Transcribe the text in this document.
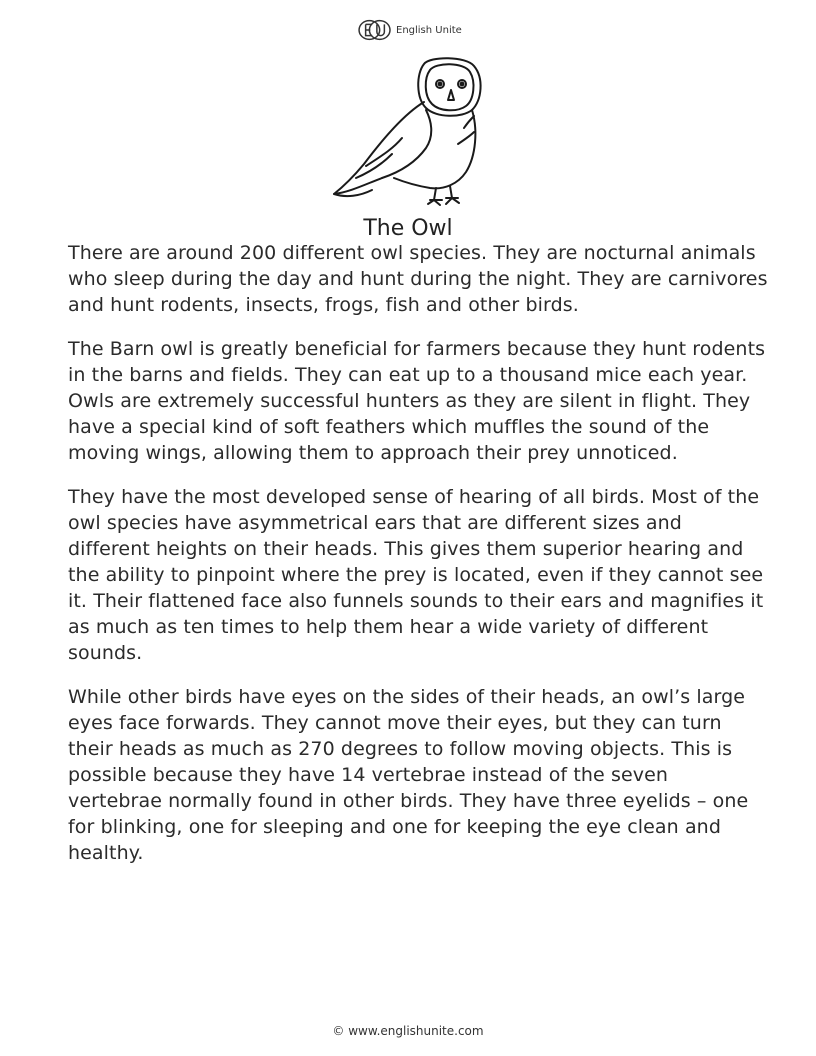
English Unite
The Owl

There are around 200 different owl species. They are nocturnal animals who sleep during the day and hunt during the night. They are carnivores and hunt rodents, insects, frogs, fish and other birds.

The Barn owl is greatly beneficial for farmers because they hunt rodents in the barns and fields. They can eat up to a thousand mice each year. Owls are extremely successful hunters as they are silent in flight. They have a special kind of soft feathers which muffles the sound of the moving wings, allowing them to approach their prey unnoticed.

They have the most developed sense of hearing of all birds. Most of the owl species have asymmetrical ears that are different sizes and different heights on their heads. This gives them superior hearing and the ability to pinpoint where the prey is located, even if they cannot see it. Their flattened face also funnels sounds to their ears and magnifies it as much as ten times to help them hear a wide variety of different sounds.

While other birds have eyes on the sides of their heads, an owl’s large eyes face forwards. They cannot move their eyes, but they can turn their heads as much as 270 degrees to follow moving objects. This is possible because they have 14 vertebrae instead of the seven vertebrae normally found in other birds. They have three eyelids – one for blinking, one for sleeping and one for keeping the eye clean and healthy.

© www.englishunite.com
